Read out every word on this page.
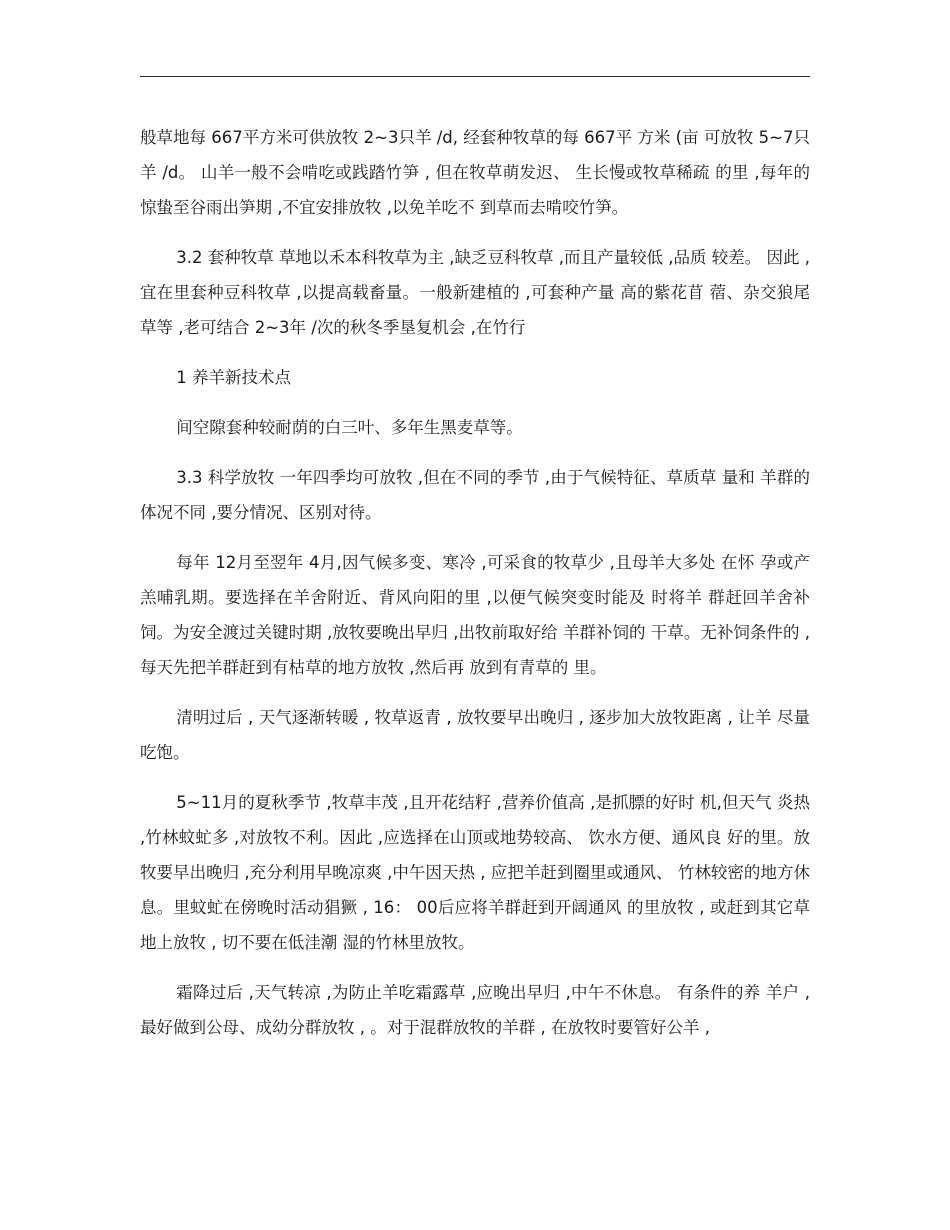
般草地每 667平方米可供放牧 2~3只羊 /d, 经套种牧草的每 667平 方米 (亩 可放牧 5~7只羊 /d。 山羊一般不会啃吃或践踏竹笋 , 但在牧草萌发迟、 生长慢或牧草稀疏 的里 ,每年的惊蛰至谷雨出笋期 ,不宜安排放牧 ,以免羊吃不 到草而去啃咬竹笋。

3.2 套种牧草 草地以禾本科牧草为主 ,缺乏豆科牧草 ,而且产量较低 ,品质 较差。 因此 ,宜在里套种豆科牧草 ,以提高载畜量。一般新建植的 ,可套种产量 高的紫花苜 蓿、杂交狼尾草等 ,老可结合 2~3年 /次的秋冬季垦复机会 ,在竹行

1 养羊新技术点

间空隙套种较耐荫的白三叶、多年生黑麦草等。

3.3 科学放牧 一年四季均可放牧 ,但在不同的季节 ,由于气候特征、草质草 量和 羊群的体况不同 ,要分情况、区别对待。

每年 12月至翌年 4月,因气候多变、寒冷 ,可采食的牧草少 ,且母羊大多处 在怀 孕或产羔哺乳期。要选择在羊舍附近、背风向阳的里 ,以便气候突变时能及 时将羊 群赶回羊舍补饲。为安全渡过关键时期 ,放牧要晚出早归 ,出牧前取好给 羊群补饲的 干草。无补饲条件的 ,每天先把羊群赶到有枯草的地方放牧 ,然后再 放到有青草的 里。

清明过后 , 天气逐渐转暖 , 牧草返青 , 放牧要早出晚归 , 逐步加大放牧距离 , 让羊 尽量吃饱。

5~11月的夏秋季节 ,牧草丰茂 ,且开花结籽 ,营养价值高 ,是抓膘的好时 机,但天气 炎热 ,竹林蚊虻多 ,对放牧不利。因此 ,应选择在山顶或地势较高、 饮水方便、通风良 好的里。放牧要早出晚归 ,充分利用早晚凉爽 ,中午因天热 , 应把羊赶到圈里或通风、 竹林较密的地方休息。里蚊虻在傍晚时活动猖獗 , 16： 00后应将羊群赶到开阔通风 的里放牧 , 或赶到其它草地上放牧 , 切不要在低洼潮 湿的竹林里放牧。

霜降过后 ,天气转凉 ,为防止羊吃霜露草 ,应晚出早归 ,中午不休息。 有条件的养 羊户 ,最好做到公母、成幼分群放牧 , 。对于混群放牧的羊群 , 在放牧时要管好公羊 ,
